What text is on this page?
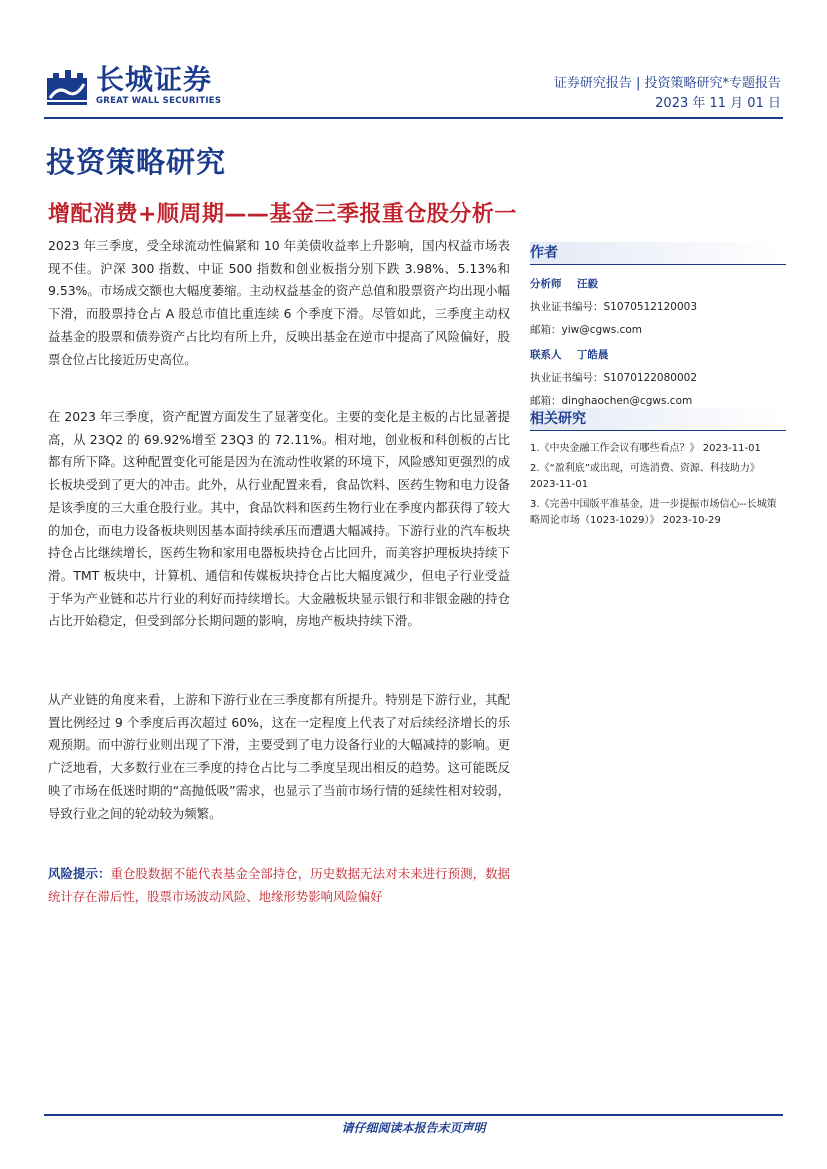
长城证券
GREAT WALL SECURITIES
证券研究报告 | 投资策略研究*专题报告
2023 年 11 月 01 日
投资策略研究
增配消费+顺周期——基金三季报重仓股分析一

2023 年三季度，受全球流动性偏紧和 10 年美债收益率上升影响，国内权益市场表现不佳。沪深 300 指数、中证 500 指数和创业板指分别下跌 3.98%、5.13%和 9.53%。市场成交额也大幅度萎缩。主动权益基金的资产总值和股票资产均出现小幅下滑，而股票持仓占 A 股总市值比重连续 6 个季度下滑。尽管如此，三季度主动权益基金的股票和债券资产占比均有所上升，反映出基金在逆市中提高了风险偏好，股票仓位占比接近历史高位。

在 2023 年三季度，资产配置方面发生了显著变化。主要的变化是主板的占比显著提高，从 23Q2 的 69.92%增至 23Q3 的 72.11%。相对地，创业板和科创板的占比都有所下降。这种配置变化可能是因为在流动性收紧的环境下，风险感知更强烈的成长板块受到了更大的冲击。此外，从行业配置来看，食品饮料、医药生物和电力设备是该季度的三大重仓股行业。其中，食品饮料和医药生物行业在季度内都获得了较大的加仓，而电力设备板块则因基本面持续承压而遭遇大幅减持。下游行业的汽车板块持仓占比继续增长，医药生物和家用电器板块持仓占比回升，而美容护理板块持续下滑。TMT 板块中，计算机、通信和传媒板块持仓占比大幅度减少，但电子行业受益于华为产业链和芯片行业的利好而持续增长。大金融板块显示银行和非银金融的持仓占比开始稳定，但受到部分长期问题的影响，房地产板块持续下滑。

从产业链的角度来看，上游和下游行业在三季度都有所提升。特别是下游行业，其配置比例经过 9 个季度后再次超过 60%，这在一定程度上代表了对后续经济增长的乐观预期。而中游行业则出现了下滑，主要受到了电力设备行业的大幅减持的影响。更广泛地看，大多数行业在三季度的持仓占比与二季度呈现出相反的趋势。这可能既反映了市场在低迷时期的“高抛低吸”需求，也显示了当前市场行情的延续性相对较弱，导致行业之间的轮动较为频繁。

风险提示：重仓股数据不能代表基金全部持仓，历史数据无法对未来进行预测，数据统计存在滞后性，股票市场波动风险、地缘形势影响风险偏好
作者
分析师 汪毅
执业证书编号：S1070512120003
邮箱：yiw@cgws.com
联系人 丁皓晨
执业证书编号：S1070122080002
邮箱：dinghaochen@cgws.com
相关研究
1.《中央金融工作会议有哪些看点？》 2023-11-01
2.《“盈利底”或出现，可选消费、资源、科技助力》 2023-11-01
3.《完善中国版平准基金，进一步提振市场信心--长城策略周论市场（1023-1029）》 2023-10-29
请仔细阅读本报告末页声明
